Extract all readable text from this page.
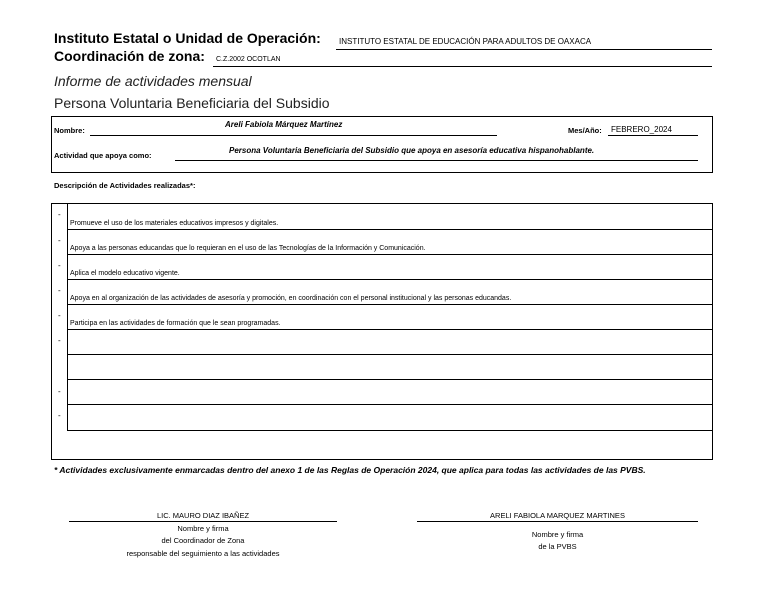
Instituto Estatal o Unidad de Operación: INSTITUTO ESTATAL DE EDUCACIÓN PARA ADULTOS DE OAXACA
Coordinación de zona: C.Z.2002 OCOTLAN
Informe de actividades mensual
Persona Voluntaria Beneficiaria del Subsidio
Nombre:
Areli Fabiola Márquez Martínez
Mes/Año: FEBRERO_2024
Actividad que apoya como:
Persona Voluntaria Beneficiaria del Subsidio que apoya en asesoría educativa hispanohablante.
Descripción de Actividades realizadas*:
Promueve el uso de los materiales educativos impresos y digitales.
Apoya a las personas educandas que lo requieran en el uso de las Tecnologías de la Información y Comunicación.
Aplica el modelo educativo vigente.
Apoya en al organización de las actividades de asesoría y promoción, en coordinación con el personal institucional y las personas educandas.
Participa en las actividades de formación que le sean programadas.
-
-
-
-
-
-
-
-
* Actividades exclusivamente enmarcadas dentro del anexo 1 de las Reglas de Operación 2024, que aplica para todas las actividades de las PVBS.
LIC. MAURO DIAZ IBAÑEZ
Nombre y firma
del Coordinador de Zona
responsable del seguimiento a las actividades
ARELI FABIOLA MARQUEZ MARTINES
Nombre y firma
de la PVBS
